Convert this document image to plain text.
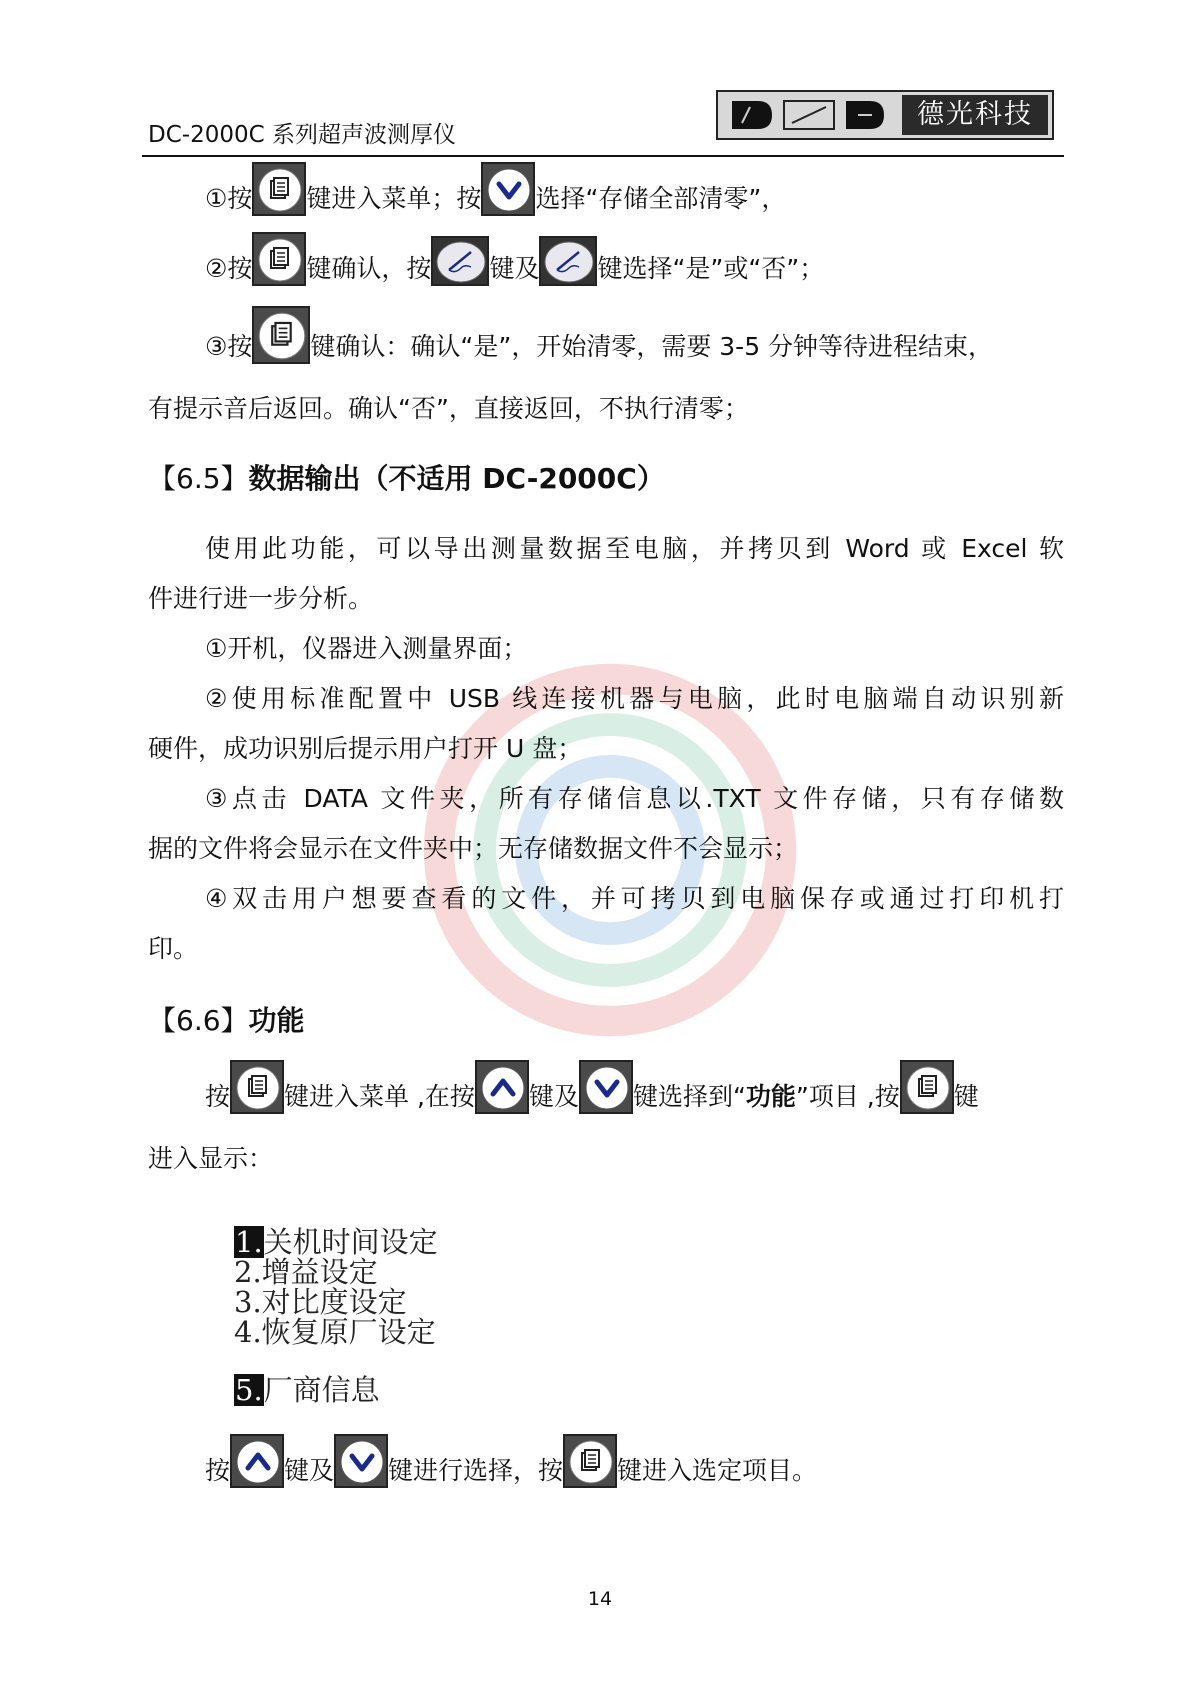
DC-2000C 系列超声波测厚仪
德光科技
①按 键进入菜单；按 选择“存储全部清零”，
②按 键确认，按 键及 键选择“是”或“否”；
③按 键确认：确认“是”，开始清零，需要 3-5 分钟等待进程结束，
有提示音后返回。确认“否”，直接返回，不执行清零；
【6.5】数据输出（不适用 DC-2000C）
使用此功能，可以导出测量数据至电脑，并拷贝到 Word 或 Excel 软
件进行进一步分析。
①开机，仪器进入测量界面；
②使用标准配置中 USB 线连接机器与电脑，此时电脑端自动识别新
硬件，成功识别后提示用户打开 U 盘；
③点击 DATA 文件夹，所有存储信息以.TXT 文件存储，只有存储数
据的文件将会显示在文件夹中；无存储数据文件不会显示；
④双击用户想要查看的文件，并可拷贝到电脑保存或通过打印机打
印。
【6.6】功能
按 键进入菜单 ,在按 键及 键选择到“ 功能 ”项目 ,按 键
进入显示：
1.关机时间设定
2.增益设定
3.对比度设定
4.恢复原厂设定
5.厂商信息
按 键及 键进行选择，按 键进入选定项目。
14
